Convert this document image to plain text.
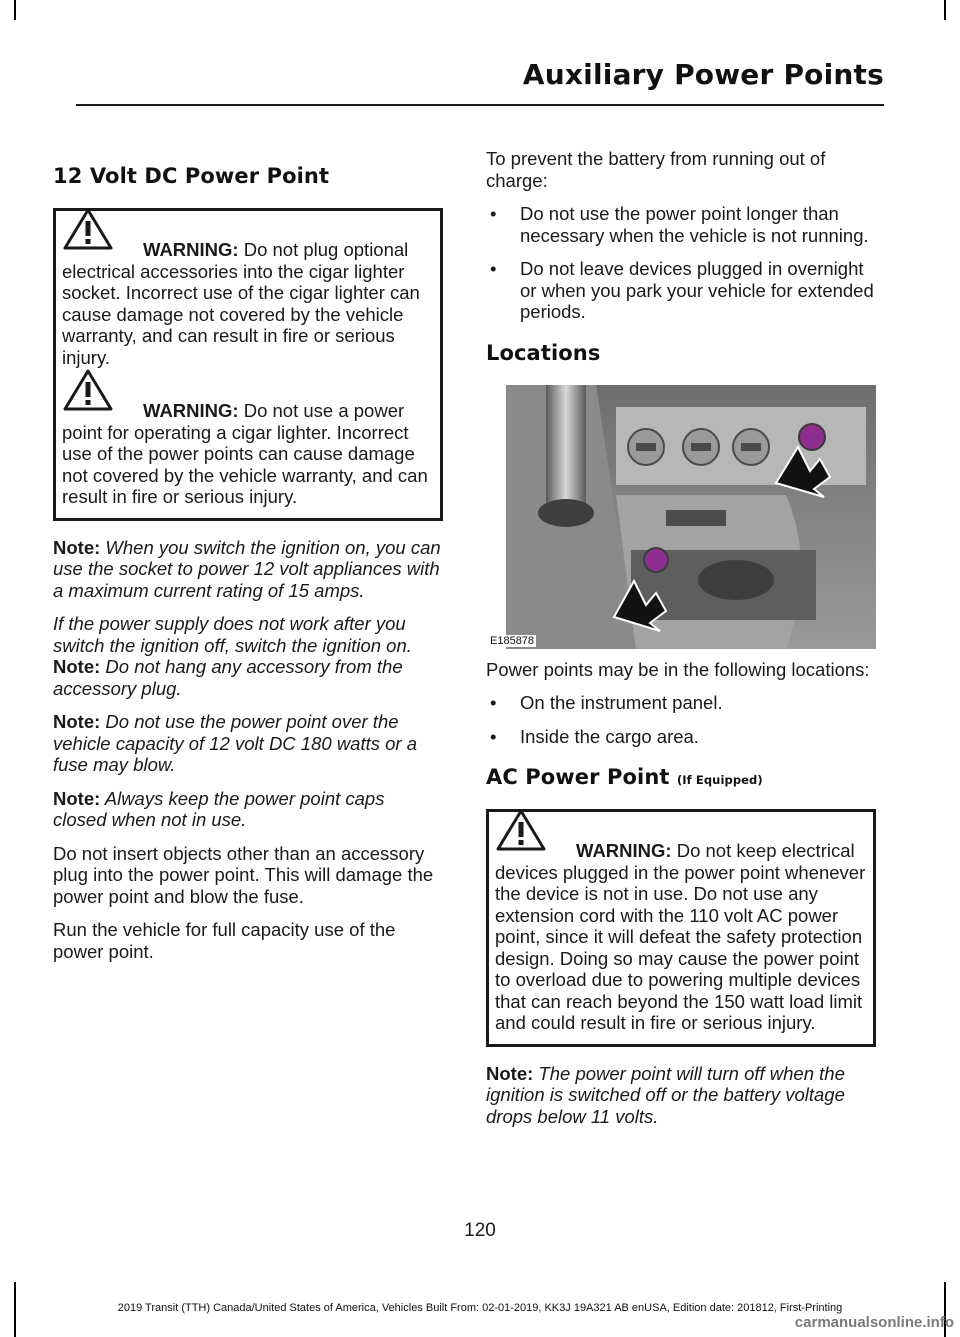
Auxiliary Power Points
12 Volt DC Power Point

WARNING: Do not plug optional electrical accessories into the cigar lighter socket. Incorrect use of the cigar lighter can cause damage not covered by the vehicle warranty, and can result in fire or serious injury.

WARNING: Do not use a power point for operating a cigar lighter. Incorrect use of the power points can cause damage not covered by the vehicle warranty, and can result in fire or serious injury.

Note: When you switch the ignition on, you can use the socket to power 12 volt appliances with a maximum current rating of 15 amps.

If the power supply does not work after you switch the ignition off, switch the ignition on.

Note: Do not hang any accessory from the accessory plug.

Note: Do not use the power point over the vehicle capacity of 12 volt DC 180 watts or a fuse may blow.

Note: Always keep the power point caps closed when not in use.

Do not insert objects other than an accessory plug into the power point. This will damage the power point and blow the fuse.

Run the vehicle for full capacity use of the power point.

To prevent the battery from running out of charge:

• Do not use the power point longer than necessary when the vehicle is not running.
• Do not leave devices plugged in overnight or when you park your vehicle for extended periods.
Locations
E185878

Power points may be in the following locations:

• On the instrument panel.
• Inside the cargo area.
AC Power Point (If Equipped)

WARNING: Do not keep electrical devices plugged in the power point whenever the device is not in use. Do not use any extension cord with the 110 volt AC power point, since it will defeat the safety protection design. Doing so may cause the power point to overload due to powering multiple devices that can reach beyond the 150 watt load limit and could result in fire or serious injury.

Note: The power point will turn off when the ignition is switched off or the battery voltage drops below 11 volts.

120
2019 Transit (TTH) Canada/United States of America, Vehicles Built From: 02-01-2019, KK3J 19A321 AB enUSA, Edition date: 201812, First-Printing
carmanualsonline.info
